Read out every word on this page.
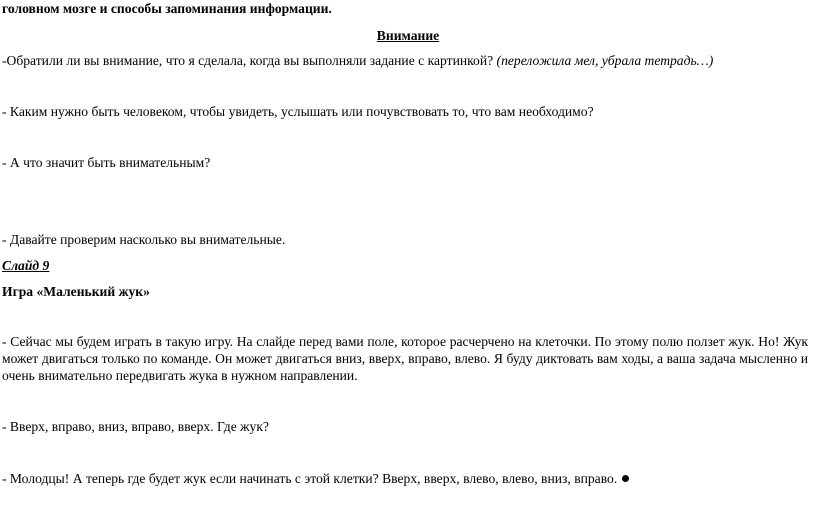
головном мозге и способы запоминания информации.
Внимание
-Обратили ли вы внимание, что я сделала, когда вы выполняли задание с картинкой? (переложила мел, убрала тетрадь…)
- Каким нужно быть человеком, чтобы увидеть, услышать или почувствовать то, что вам необходимо?
- А что значит быть внимательным?
- Давайте проверим насколько вы внимательные.
Слайд 9
Игра «Маленький жук»
- Сейчас мы будем играть в такую игру. На слайде перед вами поле, которое расчерчено на клеточки. По этому полю ползет жук. Но! Жук может двигаться только по команде. Он может двигаться вниз, вверх, вправо, влево. Я буду диктовать вам ходы, а ваша задача мысленно и очень внимательно передвигать жука в нужном направлении.
- Вверх, вправо, вниз, вправо, вверх. Где жук?
- Молодцы! А теперь где будет жук если начинать с этой клетки? Вверх, вверх, влево, влево, вниз, вправо.
